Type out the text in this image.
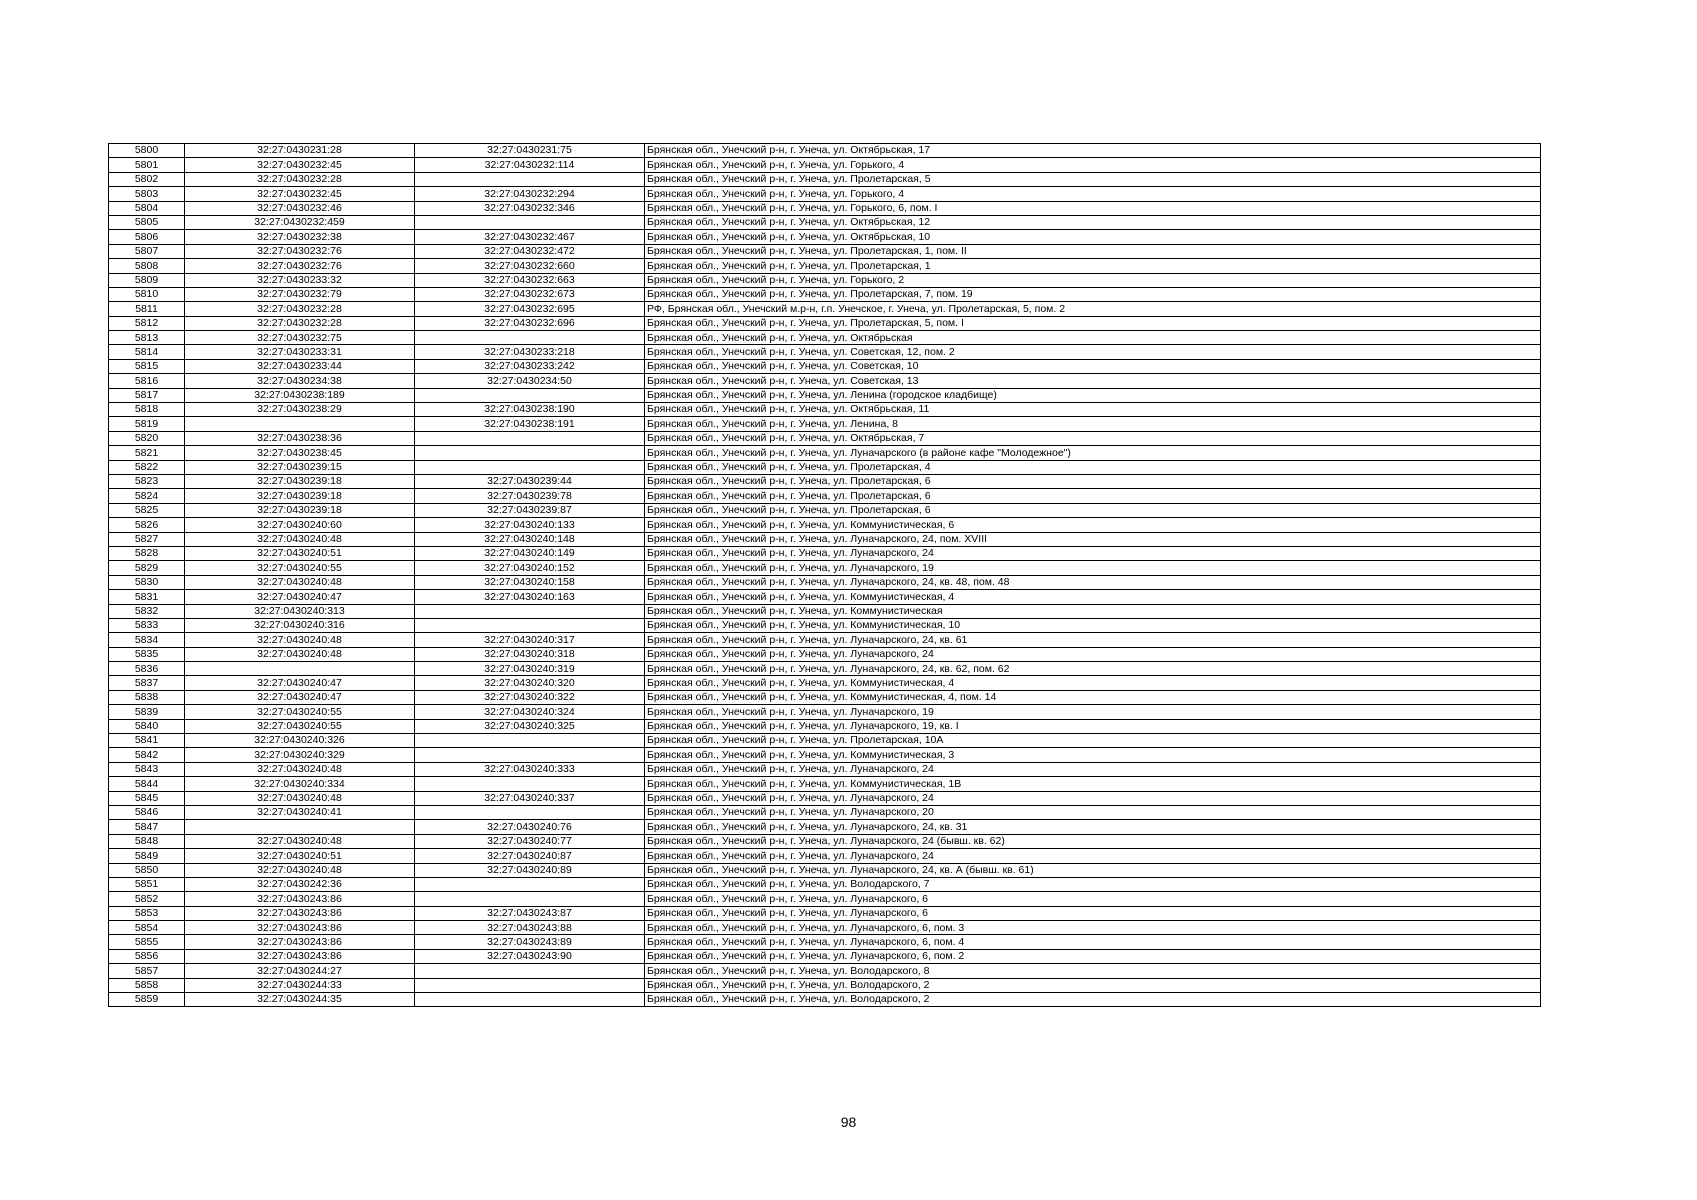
5800	32:27:0430231:28	32:27:0430231:75	Брянская обл., Унечский р-н, г. Унеча, ул. Октябрьская, 17
5801	32:27:0430232:45	32:27:0430232:114	Брянская обл., Унечский р-н, г. Унеча, ул. Горького, 4
5802	32:27:0430232:28		Брянская обл., Унечский р-н, г. Унеча, ул. Пролетарская, 5
5803	32:27:0430232:45	32:27:0430232:294	Брянская обл., Унечский р-н, г. Унеча, ул. Горького, 4
5804	32:27:0430232:46	32:27:0430232:346	Брянская обл., Унечский р-н, г. Унеча, ул. Горького, 6, пом. I
5805	32:27:0430232:459		Брянская обл., Унечский р-н, г. Унеча, ул. Октябрьская, 12
5806	32:27:0430232:38	32:27:0430232:467	Брянская обл., Унечский р-н, г. Унеча, ул. Октябрьская, 10
5807	32:27:0430232:76	32:27:0430232:472	Брянская обл., Унечский р-н, г. Унеча, ул. Пролетарская, 1, пом. II
5808	32:27:0430232:76	32:27:0430232:660	Брянская обл., Унечский р-н, г. Унеча, ул. Пролетарская, 1
5809	32:27:0430233:32	32:27:0430232:663	Брянская обл., Унечский р-н, г. Унеча, ул. Горького, 2
5810	32:27:0430232:79	32:27:0430232:673	Брянская обл., Унечский р-н, г. Унеча, ул. Пролетарская, 7, пом. 19
5811	32:27:0430232:28	32:27:0430232:695	РФ, Брянская обл., Унечский м.р-н, г.п. Унечское, г. Унеча, ул. Пролетарская, 5, пом. 2
5812	32:27:0430232:28	32:27:0430232:696	Брянская обл., Унечский р-н, г. Унеча, ул. Пролетарская, 5, пом. I
5813	32:27:0430232:75		Брянская обл., Унечский р-н, г. Унеча, ул. Октябрьская
5814	32:27:0430233:31	32:27:0430233:218	Брянская обл., Унечский р-н, г. Унеча, ул. Советская, 12, пом. 2
5815	32:27:0430233:44	32:27:0430233:242	Брянская обл., Унечский р-н, г. Унеча, ул. Советская, 10
5816	32:27:0430234:38	32:27:0430234:50	Брянская обл., Унечский р-н, г. Унеча, ул. Советская, 13
5817	32:27:0430238:189		Брянская обл., Унечский р-н, г. Унеча, ул. Ленина (городское кладбище)
5818	32:27:0430238:29	32:27:0430238:190	Брянская обл., Унечский р-н, г. Унеча, ул. Октябрьская, 11
5819		32:27:0430238:191	Брянская обл., Унечский р-н, г. Унеча, ул. Ленина, 8
5820	32:27:0430238:36		Брянская обл., Унечский р-н, г. Унеча, ул. Октябрьская, 7
5821	32:27:0430238:45		Брянская обл., Унечский р-н, г. Унеча, ул. Луначарского (в районе кафе "Молодежное")
5822	32:27:0430239:15		Брянская обл., Унечский р-н, г. Унеча, ул. Пролетарская, 4
5823	32:27:0430239:18	32:27:0430239:44	Брянская обл., Унечский р-н, г. Унеча, ул. Пролетарская, 6
5824	32:27:0430239:18	32:27:0430239:78	Брянская обл., Унечский р-н, г. Унеча, ул. Пролетарская, 6
5825	32:27:0430239:18	32:27:0430239:87	Брянская обл., Унечский р-н, г. Унеча, ул. Пролетарская, 6
5826	32:27:0430240:60	32:27:0430240:133	Брянская обл., Унечский р-н, г. Унеча, ул. Коммунистическая, 6
5827	32:27:0430240:48	32:27:0430240:148	Брянская обл., Унечский р-н, г. Унеча, ул. Луначарского, 24, пом. XVIII
5828	32:27:0430240:51	32:27:0430240:149	Брянская обл., Унечский р-н, г. Унеча, ул. Луначарского, 24
5829	32:27:0430240:55	32:27:0430240:152	Брянская обл., Унечский р-н, г. Унеча, ул. Луначарского, 19
5830	32:27:0430240:48	32:27:0430240:158	Брянская обл., Унечский р-н, г. Унеча, ул. Луначарского, 24, кв. 48, пом. 48
5831	32:27:0430240:47	32:27:0430240:163	Брянская обл., Унечский р-н, г. Унеча, ул. Коммунистическая, 4
5832	32:27:0430240:313		Брянская обл., Унечский р-н, г. Унеча, ул. Коммунистическая
5833	32:27:0430240:316		Брянская обл., Унечский р-н, г. Унеча, ул. Коммунистическая, 10
5834	32:27:0430240:48	32:27:0430240:317	Брянская обл., Унечский р-н, г. Унеча, ул. Луначарского, 24, кв. 61
5835	32:27:0430240:48	32:27:0430240:318	Брянская обл., Унечский р-н, г. Унеча, ул. Луначарского, 24
5836		32:27:0430240:319	Брянская обл., Унечский р-н, г. Унеча, ул. Луначарского, 24, кв. 62, пом. 62
5837	32:27:0430240:47	32:27:0430240:320	Брянская обл., Унечский р-н, г. Унеча, ул. Коммунистическая, 4
5838	32:27:0430240:47	32:27:0430240:322	Брянская обл., Унечский р-н, г. Унеча, ул. Коммунистическая, 4, пом. 14
5839	32:27:0430240:55	32:27:0430240:324	Брянская обл., Унечский р-н, г. Унеча, ул. Луначарского, 19
5840	32:27:0430240:55	32:27:0430240:325	Брянская обл., Унечский р-н, г. Унеча, ул. Луначарского, 19, кв. I
5841	32:27:0430240:326		Брянская обл., Унечский р-н, г. Унеча, ул. Пролетарская, 10А
5842	32:27:0430240:329		Брянская обл., Унечский р-н, г. Унеча, ул. Коммунистическая, 3
5843	32:27:0430240:48	32:27:0430240:333	Брянская обл., Унечский р-н, г. Унеча, ул. Луначарского, 24
5844	32:27:0430240:334		Брянская обл., Унечский р-н, г. Унеча, ул. Коммунистическая, 1В
5845	32:27:0430240:48	32:27:0430240:337	Брянская обл., Унечский р-н, г. Унеча, ул. Луначарского, 24
5846	32:27:0430240:41		Брянская обл., Унечский р-н, г. Унеча, ул. Луначарского, 20
5847		32:27:0430240:76	Брянская обл., Унечский р-н, г. Унеча, ул. Луначарского, 24, кв. 31
5848	32:27:0430240:48	32:27:0430240:77	Брянская обл., Унечский р-н, г. Унеча, ул. Луначарского, 24 (бывш. кв. 62)
5849	32:27:0430240:51	32:27:0430240:87	Брянская обл., Унечский р-н, г. Унеча, ул. Луначарского, 24
5850	32:27:0430240:48	32:27:0430240:89	Брянская обл., Унечский р-н, г. Унеча, ул. Луначарского, 24, кв. А (бывш. кв. 61)
5851	32:27:0430242:36		Брянская обл., Унечский р-н, г. Унеча, ул. Володарского, 7
5852	32:27:0430243:86		Брянская обл., Унечский р-н, г. Унеча, ул. Луначарского, 6
5853	32:27:0430243:86	32:27:0430243:87	Брянская обл., Унечский р-н, г. Унеча, ул. Луначарского, 6
5854	32:27:0430243:86	32:27:0430243:88	Брянская обл., Унечский р-н, г. Унеча, ул. Луначарского, 6, пом. 3
5855	32:27:0430243:86	32:27:0430243:89	Брянская обл., Унечский р-н, г. Унеча, ул. Луначарского, 6, пом. 4
5856	32:27:0430243:86	32:27:0430243:90	Брянская обл., Унечский р-н, г. Унеча, ул. Луначарского, 6, пом. 2
5857	32:27:0430244:27		Брянская обл., Унечский р-н, г. Унеча, ул. Володарского, 8
5858	32:27:0430244:33		Брянская обл., Унечский р-н, г. Унеча, ул. Володарского, 2
5859	32:27:0430244:35		Брянская обл., Унечский р-н, г. Унеча, ул. Володарского, 2
98
